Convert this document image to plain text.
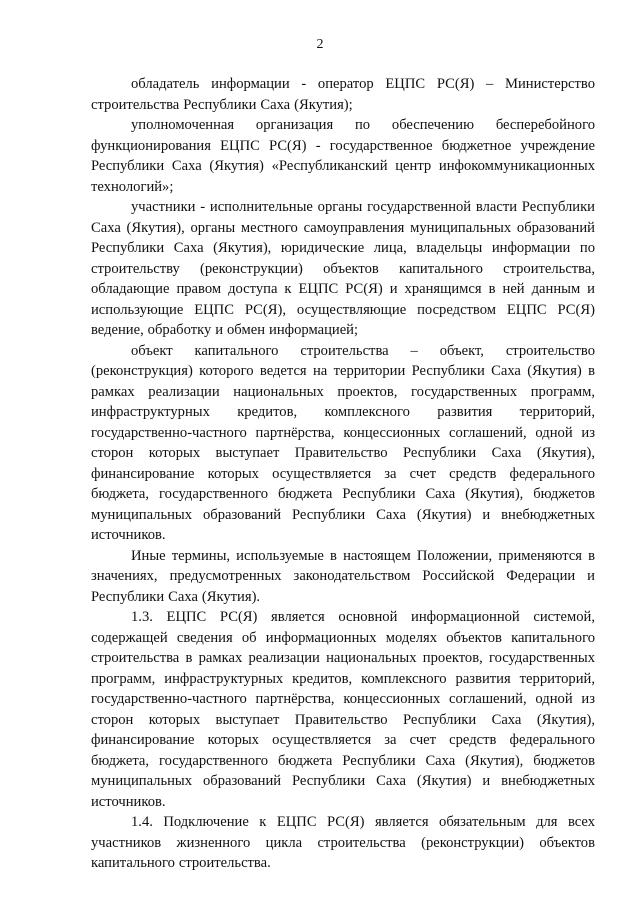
2

обладатель информации - оператор ЕЦПС РС(Я) – Министерство строительства Республики Саха (Якутия);

уполномоченная организация по обеспечению бесперебойного функционирования ЕЦПС РС(Я) - государственное бюджетное учреждение Республики Саха (Якутия) «Республиканский центр инфокоммуникационных технологий»;

участники - исполнительные органы государственной власти Республики Саха (Якутия), органы местного самоуправления муниципальных образований Республики Саха (Якутия), юридические лица, владельцы информации по строительству (реконструкции) объектов капитального строительства, обладающие правом доступа к ЕЦПС РС(Я) и хранящимся в ней данным и использующие ЕЦПС РС(Я), осуществляющие посредством ЕЦПС РС(Я) ведение, обработку и обмен информацией;

объект капитального строительства – объект, строительство (реконструкция) которого ведется на территории Республики Саха (Якутия) в рамках реализации национальных проектов, государственных программ, инфраструктурных кредитов, комплексного развития территорий, государственно-частного партнёрства, концессионных соглашений, одной из сторон которых выступает Правительство Республики Саха (Якутия), финансирование которых осуществляется за счет средств федерального бюджета, государственного бюджета Республики Саха (Якутия), бюджетов муниципальных образований Республики Саха (Якутия) и внебюджетных источников.

Иные термины, используемые в настоящем Положении, применяются в значениях, предусмотренных законодательством Российской Федерации и Республики Саха (Якутия).

1.3. ЕЦПС РС(Я) является основной информационной системой, содержащей сведения об информационных моделях объектов капитального строительства в рамках реализации национальных проектов, государственных программ, инфраструктурных кредитов, комплексного развития территорий, государственно-частного партнёрства, концессионных соглашений, одной из сторон которых выступает Правительство Республики Саха (Якутия), финансирование которых осуществляется за счет средств федерального бюджета, государственного бюджета Республики Саха (Якутия), бюджетов муниципальных образований Республики Саха (Якутия) и внебюджетных источников.

1.4. Подключение к ЕЦПС РС(Я) является обязательным для всех участников жизненного цикла строительства (реконструкции) объектов капитального строительства.
